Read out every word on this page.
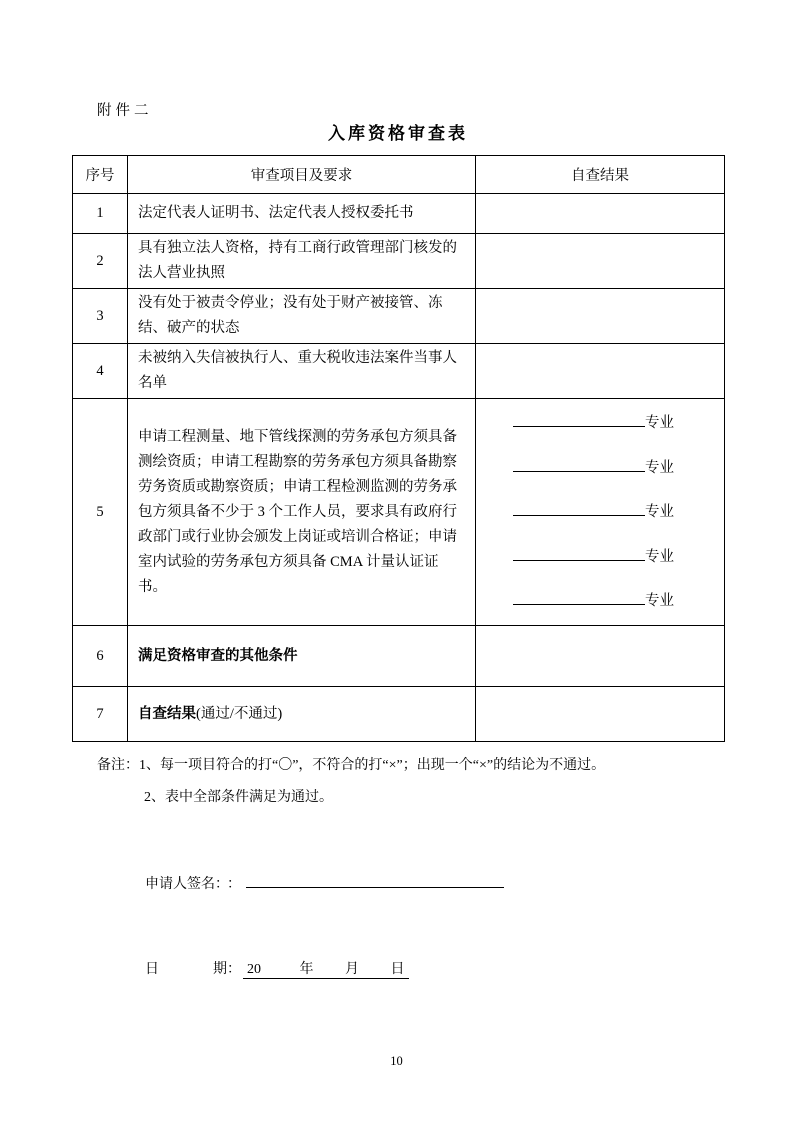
附件二
入库资格审查表
序号	审查项目及要求	自查结果
1	法定代表人证明书、法定代表人授权委托书	
2	具有独立法人资格，持有工商行政管理部门核发的法人营业执照	
3	没有处于被责令停业；没有处于财产被接管、冻结、破产的状态	
4	未被纳入失信被执行人、重大税收违法案件当事人名单	
5	申请工程测量、地下管线探测的劳务承包方须具备测绘资质；申请工程勘察的劳务承包方须具备勘察劳务资质或勘察资质；申请工程检测监测的劳务承包方须具备不少于 3 个工作人员，要求具有政府行政部门或行业协会颁发上岗证或培训合格证；申请室内试验的劳务承包方须具备 CMA 计量认证证书。	专业
专业
专业
专业
专业

6	满足资格审查的其他条件	
7	自查结果(通过/不通过)	
备注：1、每一项目符合的打“〇”，不符合的打“×”；出现一个“×”的结论为不通过。
2、表中全部条件满足为通过。
申请人签名： ：
日	期： 20           年         月         日
10
